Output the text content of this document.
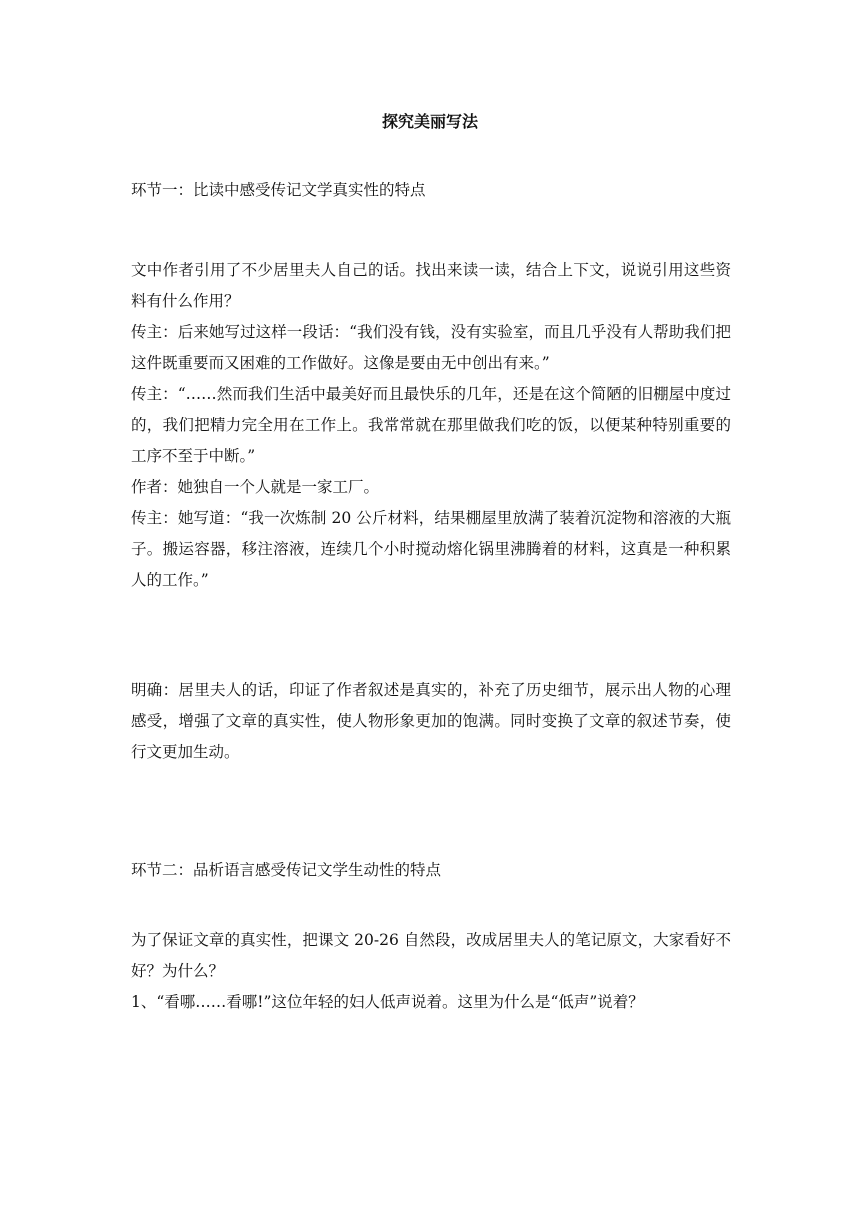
探究美丽写法

环节一：比读中感受传记文学真实性的特点

文中作者引用了不少居里夫人自己的话。找出来读一读，结合上下文，说说引用这些资料有什么作用？

传主：后来她写过这样一段话：“我们没有钱，没有实验室，而且几乎没有人帮助我们把这件既重要而又困难的工作做好。这像是要由无中创出有来。”

传主：“……然而我们生活中最美好而且最快乐的几年，还是在这个简陋的旧棚屋中度过的，我们把精力完全用在工作上。我常常就在那里做我们吃的饭，以便某种特别重要的工序不至于中断。”

作者：她独自一个人就是一家工厂。

传主：她写道：“我一次炼制 20 公斤材料，结果棚屋里放满了装着沉淀物和溶液的大瓶子。搬运容器，移注溶液，连续几个小时搅动熔化锅里沸腾着的材料，这真是一种积累人的工作。”

明确：居里夫人的话，印证了作者叙述是真实的，补充了历史细节，展示出人物的心理感受，增强了文章的真实性，使人物形象更加的饱满。同时变换了文章的叙述节奏，使行文更加生动。

环节二：品析语言感受传记文学生动性的特点

为了保证文章的真实性，把课文 20-26 自然段，改成居里夫人的笔记原文，大家看好不好？为什么？

1、“看哪……看哪!”这位年轻的妇人低声说着。这里为什么是“低声”说着？
